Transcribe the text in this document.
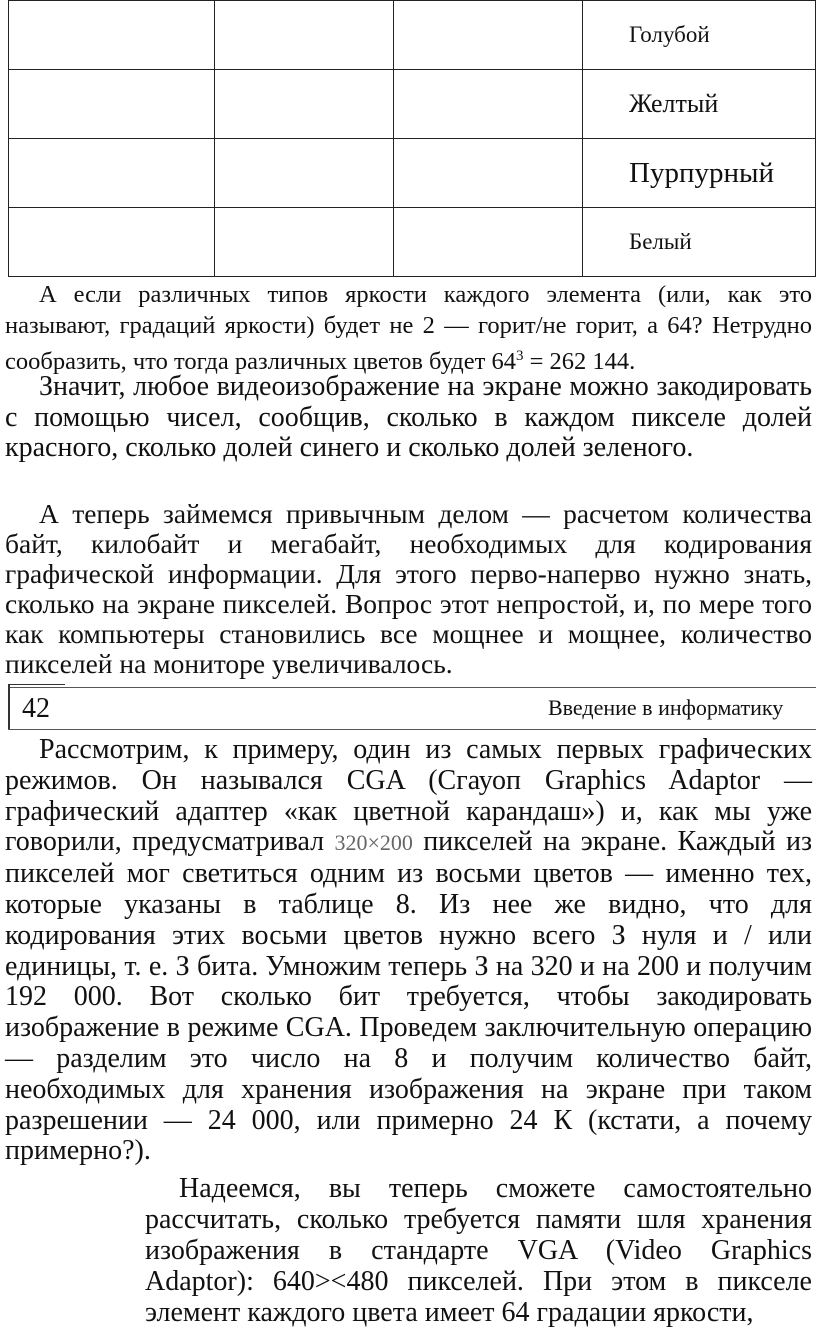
			Голубой

			Желтый

			Пурпурный

			Белый

А если различных типов яркости каждого элемента (или, как это называют, градаций яркости) будет не 2 — горит/не горит, а 64? Нетрудно сообразить, что тогда различных цветов будет $64^3 = 262$ 144.

Значит, любое видеоизображение на экране можно закодировать с помощью чисел, сообщив, сколько в каждом пикселе долей красного, сколько долей синего и сколько долей зеленого.

А теперь займемся привычным делом — расчетом количества байт, килобайт и мегабайт, необходимых для кодирования графической информации. Для этого перво-наперво нужно знать, сколько на экране пикселей. Вопрос этот непростой, и, по мере того как компьютеры становились все мощнее и мощнее, количество пикселей на мониторе увеличивалось.

42	Введение в информатику

Рассмотрим, к примеру, один из самых первых графических режимов. Он назывался CGA (Сгауоп Graphics Adaptor — графический адаптер «как цветной карандаш») и, как мы уже говорили, предусматривал 320×200 пикселей на экране. Каждый из пикселей мог светиться одним из восьми цветов — именно тех, которые указаны в таблице 8. Из нее же видно, что для кодирования этих восьми цветов нужно всего З нуля и / или единицы, т. е. З бита. Умножим теперь З на 320 и на 200 и получим 192 000. Вот сколько бит требуется, чтобы закодировать изображение в режиме CGA. Проведем заключительную операцию — разделим это число на 8 и получим количество байт, необходимых для хранения изображения на экране при таком разрешении — 24 000, или примерно 24 К (кстати, а почему примерно?).

Надеемся, вы теперь сможете самостоятельно рассчитать, сколько требуется памяти шля хранения изображения в стандарте VGA (Video Graphics Adaptor): 640><480 пикселей. При этом в пикселе элемент каждого цвета имеет 64 градации яркости,
